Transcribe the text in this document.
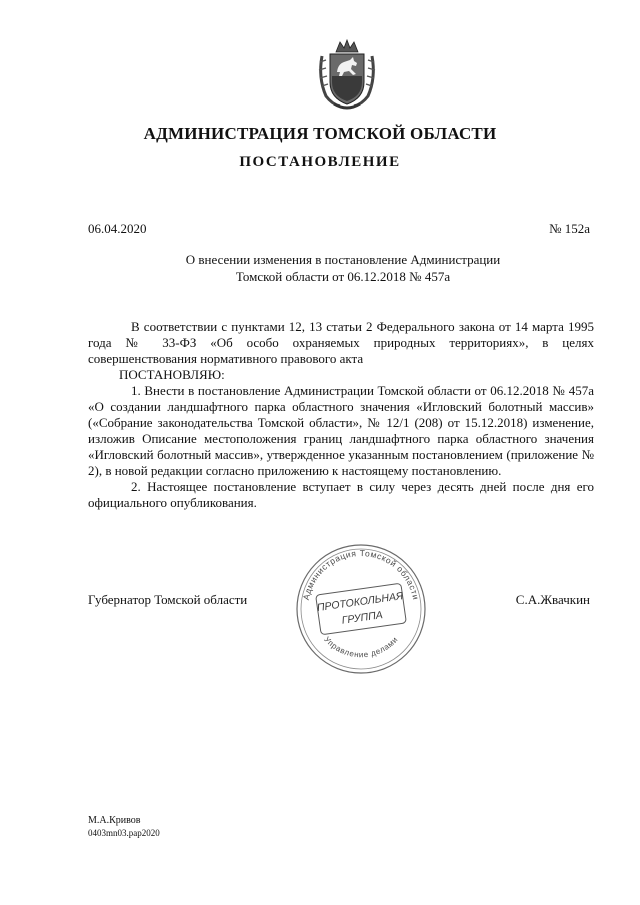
АДМИНИСТРАЦИЯ ТОМСКОЙ ОБЛАСТИ
ПОСТАНОВЛЕНИЕ
06.04.2020	№ 152а
О внесении изменения в постановление Администрации
Томской области от 06.12.2018 № 457а

В соответствии с пунктами 12, 13 статьи 2 Федерального закона от 14 марта 1995 года № 33-ФЗ «Об особо охраняемых природных территориях», в целях совершенствования нормативного правового акта

ПОСТАНОВЛЯЮ:

1. Внести в постановление Администрации Томской области от 06.12.2018 № 457а «О создании ландшафтного парка областного значения «Игловский болотный массив» («Собрание законодательства Томской области», № 12/1 (208) от 15.12.2018) изменение, изложив Описание местоположения границ ландшафтного парка областного значения «Игловский болотный массив», утвержденное указанным постановлением (приложение № 2), в новой редакции согласно приложению к настоящему постановлению.

2. Настоящее постановление вступает в силу через десять дней после дня его официального опубликования.

Губернатор Томской области	С.А.Жвачкин
Администрация Томской области
Управление делами
ПРОТОКОЛЬНАЯ
ГРУППА
М.А.Кривов
0403mn03.pap2020
